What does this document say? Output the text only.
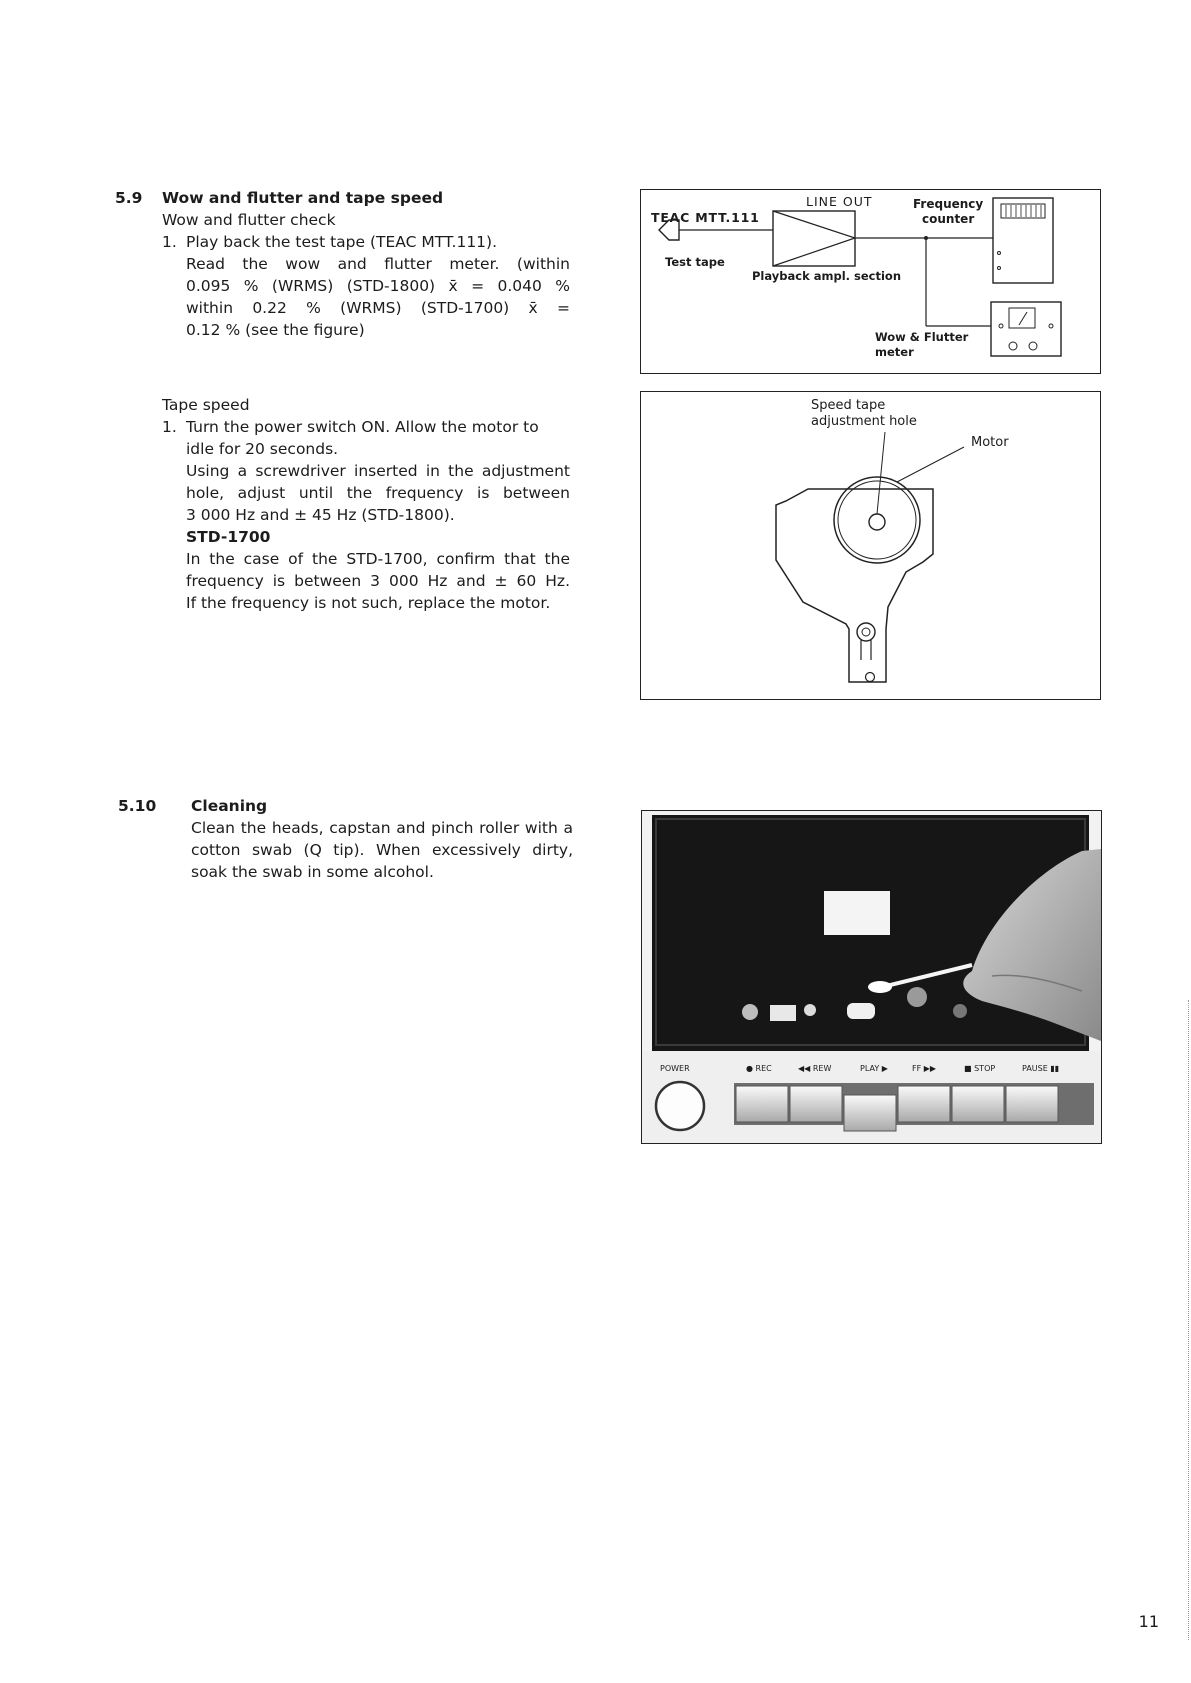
5.9 Wow and flutter and tape speed
Wow and flutter check
1. Play back the test tape (TEAC MTT.111).
Read the wow and flutter meter. (within
0.095 % (WRMS) (STD-1800) x̄ = 0.040 %
within 0.22 % (WRMS) (STD-1700) x̄ =
0.12 % (see the figure)
Tape speed
1. Turn the power switch ON. Allow the motor to
idle for 20 seconds.
Using a screwdriver inserted in the adjustment
hole, adjust until the frequency is between
3 000 Hz and ± 45 Hz (STD-1800).
STD-1700
In the case of the STD-1700, confirm that the
frequency is between 3 000 Hz and ± 60 Hz.
If the frequency is not such, replace the motor.
5.10 Cleaning
Clean the heads, capstan and pinch roller with a
cotton swab (Q tip). When excessively dirty,
soak the swab in some alcohol.
LINE OUT	Frequency
counter
TEAC MTT.111
Test tape
Playback ampl. section
Wow & Flutter
meter
Speed tape
adjustment hole
Motor
POWER	● REC	◀◀ REW	PLAY ▶	FF ▶▶	■ STOP	PAUSE ▮▮
11
